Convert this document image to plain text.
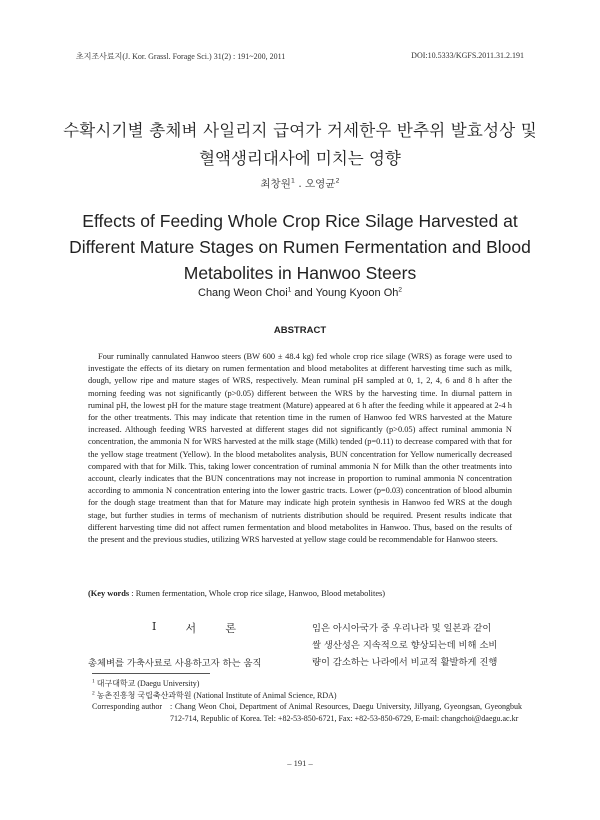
초지조사료지(J. Kor. Grassl. Forage Sci.) 31(2) : 191~200, 2011	DOI:10.5333/KGFS.2011.31.2.191
수확시기별 총체벼 사일리지 급여가 거세한우 반추위 발효성상 및
혈액생리대사에 미치는 영향
최창원$^1$ . 오영균$^2$
Effects of Feeding Whole Crop Rice Silage Harvested at
Different Mature Stages on Rumen Fermentation and Blood
Metabolites in Hanwoo Steers
Chang Weon Choi$^1$ and Young Kyoon Oh$^2$
ABSTRACT

Four ruminally cannulated Hanwoo steers (BW 600 ± 48.4 kg) fed whole crop rice silage (WRS) as forage were used to investigate the effects of its dietary on rumen fermentation and blood metabolites at different harvesting time such as milk, dough, yellow ripe and mature stages of WRS, respectively. Mean ruminal pH sampled at 0, 1, 2, 4, 6 and 8 h after the morning feeding was not significantly (p>0.05) different between the WRS by the harvesting time. In diurnal pattern in ruminal pH, the lowest pH for the mature stage treatment (Mature) appeared at 6 h after the feeding while it appeared at 2-4 h for the other treatments. This may indicate that retention time in the rumen of Hanwoo fed WRS harvested at the Mature increased. Although feeding WRS harvested at different stages did not significantly (p>0.05) affect ruminal ammonia N concentration, the ammonia N for WRS harvested at the milk stage (Milk) tended (p=0.11) to decrease compared with that for the yellow stage treatment (Yellow). In the blood metabolites analysis, BUN concentration for Yellow numerically decreased compared with that for Milk. This, taking lower concentration of ruminal ammonia N for Milk than the other treatments into account, clearly indicates that the BUN concentrations may not increase in proportion to ruminal ammonia N concentration according to ammonia N concentration entering into the lower gastric tracts. Lower (p=0.03) concentration of blood albumin for the dough stage treatment than that for Mature may indicate high protein synthesis in Hanwoo fed WRS at the dough stage, but further studies in terms of mechanism of nutrients distribution should be required. Present results indicate that different harvesting time did not affect rumen fermentation and blood metabolites in Hanwoo. Thus, based on the results of the present and the previous studies, utilizing WRS harvested at yellow stage could be recommendable for Hanwoo steers.

(Key words : Rumen fermentation, Whole crop rice silage, Hanwoo, Blood metabolites)

Ⅰ	서	론
총체벼를 가축사료로 사용하고자 하는 움직
임은 아시아국가 중 우리나라 및 일본과 같이
쌀 생산성은 지속적으로 향상되는데 비해 소비
량이 감소하는 나라에서 비교적 활발하게 진행
$^1$ 대구대학교 (Daegu University)
$^2$ 농촌진흥청 국립축산과학원 (National Institute of Animal Science, RDA)
Corresponding author	: Chang Weon Choi, Department of Animal Resources, Daegu University, Jillyang, Gyeongsan, Gyeongbuk 712-714, Republic of Korea. Tel: +82-53-850-6721, Fax: +82-53-850-6729, E-mail: changchoi@daegu.ac.kr
– 191 –
